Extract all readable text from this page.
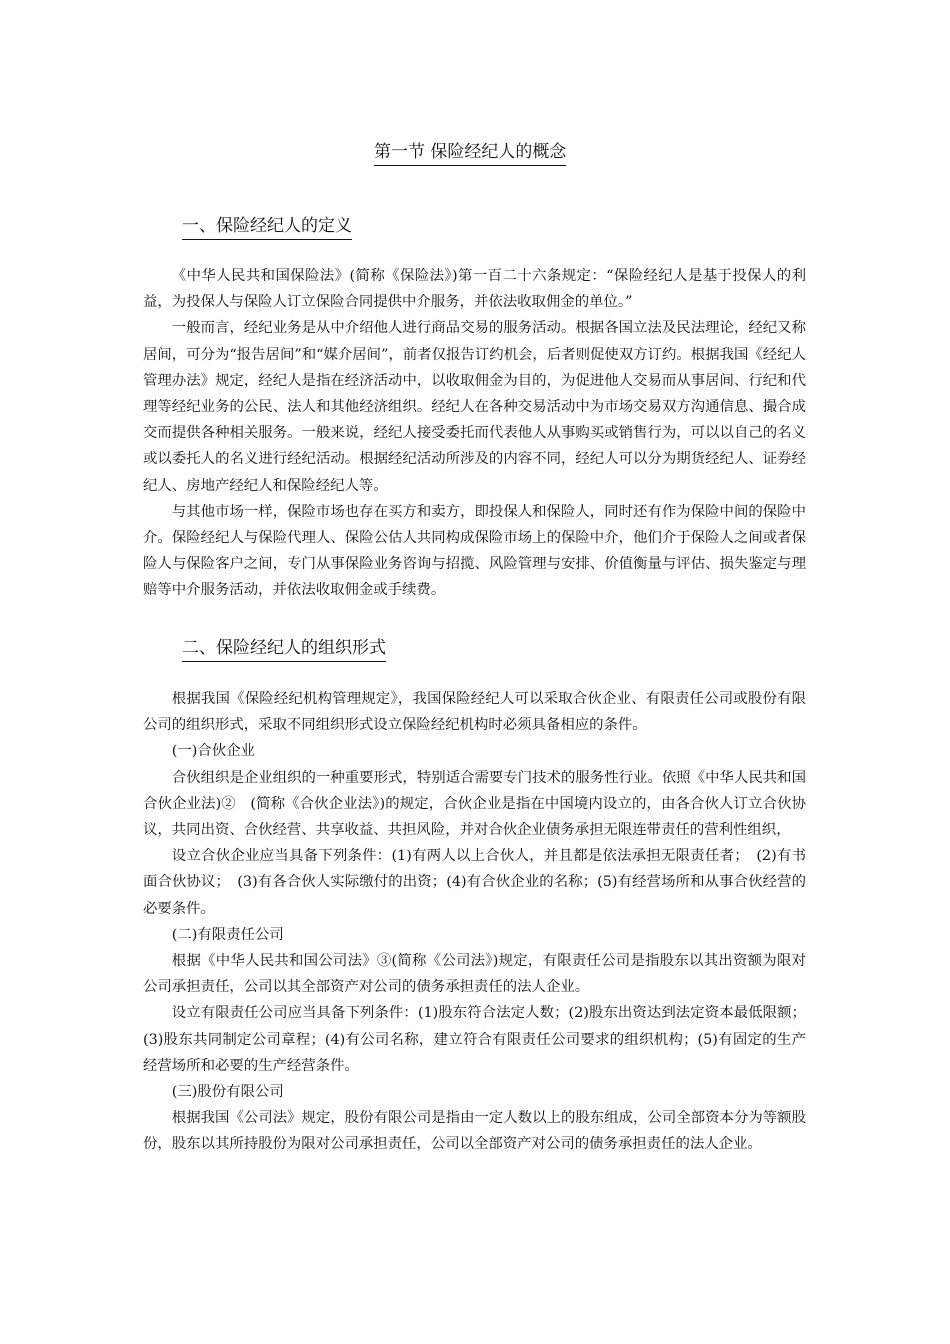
第一节 保险经纪人的概念
一、保险经纪人的定义

《中华人民共和国保险法》(简称《保险法》)第一百二十六条规定：“保险经纪人是基于投保人的利益，为投保人与保险人订立保险合同提供中介服务，并依法收取佣金的单位。”

一般而言，经纪业务是从中介绍他人进行商品交易的服务活动。根据各国立法及民法理论，经纪又称居间，可分为“报告居间”和“媒介居间”，前者仅报告订约机会，后者则促使双方订约。根据我国《经纪人管理办法》规定，经纪人是指在经济活动中，以收取佣金为目的，为促进他人交易而从事居间、行纪和代理等经纪业务的公民、法人和其他经济组织。经纪人在各种交易活动中为市场交易双方沟通信息、撮合成交而提供各种相关服务。一般来说，经纪人接受委托而代表他人从事购买或销售行为，可以以自己的名义或以委托人的名义进行经纪活动。根据经纪活动所涉及的内容不同，经纪人可以分为期货经纪人、证券经纪人、房地产经纪人和保险经纪人等。

与其他市场一样，保险市场也存在买方和卖方，即投保人和保险人，同时还有作为保险中间的保险中介。保险经纪人与保险代理人、保险公估人共同构成保险市场上的保险中介，他们介于保险人之间或者保险人与保险客户之间，专门从事保险业务咨询与招揽、风险管理与安排、价值衡量与评估、损失鉴定与理赔等中介服务活动，并依法收取佣金或手续费。

二、保险经纪人的组织形式

根据我国《保险经纪机构管理规定》，我国保险经纪人可以采取合伙企业、有限责任公司或股份有限公司的组织形式，采取不同组织形式设立保险经纪机构时必须具备相应的条件。

(一)合伙企业

合伙组织是企业组织的一种重要形式，特别适合需要专门技术的服务性行业。依照《中华人民共和国合伙企业法)②　(简称《合伙企业法》)的规定，合伙企业是指在中国境内设立的，由各合伙人订立合伙协议，共同出资、合伙经营、共享收益、共担风险，并对合伙企业债务承担无限连带责任的营利性组织，

设立合伙企业应当具备下列条件：(1)有两人以上合伙人，并且都是依法承担无限责任者；　(2)有书面合伙协议；　(3)有各合伙人实际缴付的出资；(4)有合伙企业的名称；(5)有经营场所和从事合伙经营的必要条件。

(二)有限责任公司

根据《中华人民共和国公司法》③(简称《公司法》)规定，有限责任公司是指股东以其出资额为限对公司承担责任，公司以其全部资产对公司的债务承担责任的法人企业。

设立有限责任公司应当具备下列条件：(1)股东符合法定人数；(2)股东出资达到法定资本最低限额；(3)股东共同制定公司章程；(4)有公司名称，建立符合有限责任公司要求的组织机构；(5)有固定的生产经营场所和必要的生产经营条件。

(三)股份有限公司

根据我国《公司法》规定，股份有限公司是指由一定人数以上的股东组成，公司全部资本分为等额股份，股东以其所持股份为限对公司承担责任，公司以全部资产对公司的债务承担责任的法人企业。
